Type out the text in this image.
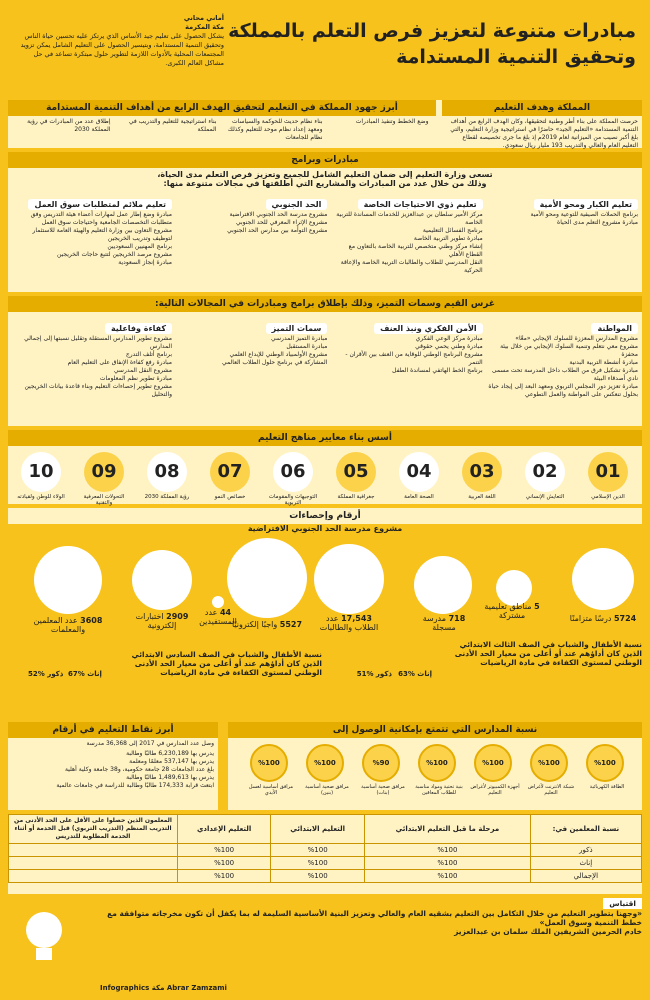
مبادرات متنوعة لتعزيز فرص التعلم بالمملكة
وتحقيق التنمية المستدامة
أماني محاني
مكة المكرمة
يشكل الحصول على تعليم جيد الأساس الذي يرتكز عليه تحسين حياة الناس وتحقيق التنمية المستدامة، وبتيسير الحصول على التعليم الشامل يمكن تزويد المجتمعات المحلية بالأدوات اللازمة لتطوير حلول مبتكرة تساعد في حل مشاكل العالم الكبرى.
المملكة وهدف التعليم
حرصت المملكة على بناء أطر وطنية لتحقيقها، وكان الهدف الرابع من أهداف التنمية المستدامة «التعليم الجيد» حاضرًا في استراتيجية وزارة التعليم، والتي بلغ أكبر نصيب من الميزانية لعام 2019م إذ بلغ ما جرى تخصيصه لقطاع التعليم العام والعالي والتدريب 193 مليار ريال سعودي.
أبرز جهود المملكة في التعليم لتحقيق الهدف الرابع من أهداف التنمية المستدامة
وضع الخطط وتنفيذ المبادرات
بناء نظام حديث للحوكمة والسياسات ومعهد إعداد نظام موحد للتعليم وكذلك نظام للجامعات
بناء استراتيجية للتعليم والتدريب في المملكة
إطلاق عدد من المبادرات في رؤية المملكة 2030
مبادرات وبرامج
تسعى وزارة التعليم إلى ضمان التعليم الشامل للجميع وتعزيز فرص التعلم مدى الحياة،
وذلك من خلال عدد من المبادرات والمشاريع التي أطلقتها في مجالات متنوعة منها:
تعليم الكبار ومحو الأمية
برنامج الحملات الصيفية للتوعية ومحو الأمية
مبادرة مشروع التعلم مدى الحياة
تعليم ذوي الاحتياجات الخاصة
مركز الأمير سلطان بن عبدالعزيز للخدمات المساندة للتربية الخاصة
برنامج الفسائل التعليمية
مبادرة تطوير التربية الخاصة
إنشاء مركز وطني متخصص للتربية الخاصة بالتعاون مع القطاع الأهلي
النقل المدرسي للطلاب والطالبات التربية الخاصة والإعاقة الحركية
الحد الجنوبي
مشروع مدرسة الحد الجنوبي الافتراضية
مشروع الإثراء المعرفي للحد الجنوبي
مشروع التوأمة بين مدارس الحد الجنوبي
تعليم ملائم لمتطلبات سوق العمل
مبادرة وضع إطار عمل لمهارات أعضاء هيئة التدريس وفق متطلبات التخصصات الجامعية واحتياجات سوق العمل
مشروع التعاون بين وزارة التعليم والهيئة العامة للاستثمار لتوظيف وتدريب الخريجين
برنامج المهنيين السعوديين
مشروع مرصد الخريجين لتتبع حاجات الخريجين
مبادرة إنجاز السعودية
غرس القيم وسمات التميز، وذلك بإطلاق برامج ومبادرات في المجالات التالية:
المواطنة
مشروع المدارس المعززة للسلوك الإيجابي «معًا»
مشروع معي نتعلم وتنمية السلوك الإيجابي من خلال بيئة محفزة
مبادرة أنشطة التربية البدنية
مبادرة تشكيل فرق من الطلاب داخل المدرسة تحت مسمى نادي أصدقاء البيئة
مبادرة تعزيز دور المجلس التربوي ومعهد البعد إلى إيجاد حياة بحلول تنعكس على المواطنة والعمل التطوعي
الأمن الفكري ونبذ العنف
مبادرة مركز الوعي الفكري
مبادرة وطني يحمي حقوقي
مشروع البرنامج الوطني للوقاية من العنف بين الأقران - التنمر
برنامج الخط الهاتفي لمساندة الطفل
سمات التميز
مبادرة التميز المدرسي
مبادرة المستقبل
مشروع الأولمبياد الوطني للإبداع العلمي
المشاركة في برنامج حلول الطلاب العالمي
كفاءة وفاعلية
مشروع تطوير المدارس المستقلة وتقليل نسبتها إلى إجمالي المدارس
برنامج أتلف التدرج
مبادرة رفع كفاءة الإنفاق على التعليم العام
مشروع النقل المدرسي
مبادرة تطوير نظم المعلومات
مشروع تطوير إحصاءات التعليم وبناء قاعدة بيانات الخريجين والتحليل
أسس بناء معايير مناهج التعليم
01
02
03
04
05
06
07
08
09
10
الدين الإسلامي
التعايش الإنساني
اللغة العربية
الصحة العامة
جغرافية المملكة
التوجيهات والمقومات التربوية
خصائص النمو
رؤية المملكة 2030
التحولات المعرفية والتقنية
الولاء للوطن ولقيادته
أرقام وإحصاءات
مشروع مدرسة الحد الجنوبي الافتراضية
5724 درسًا متزامنًا
5 مناطق تعليمية مشتركة
718 مدرسة مسجلة
17,543 عدد الطلاب والطالبات
5527 واجبًا إلكترونيًا
44 عدد المستفيدين
2909 اختبارات إلكترونية
3608 عدد المعلمين والمعلمات
نسبة الأطفال والشباب في الصف الثالث الابتدائي الذين كان أداؤهم عند أو أعلى من معيار الحد الأدنى الوطني لمستوى الكفاءة في مادة الرياضيات
إناث %63
ذكور %51
نسبة الأطفال والشباب في الصف السادس الابتدائي الذين كان أداؤهم عند أو أعلى من معيار الحد الأدنى الوطني لمستوى الكفاءة في مادة الرياضيات
إناث %67
ذكور %52
أبرز نقاط التعليم في أرقام
وصل عدد المدارس في 2017 إلى 36,368 مدرسة
يدرس بها 6,230,189 طالبًا وطالبة
يدرس بها 537,147 معلمًا ومعلمة
بلغ عدد الجامعات 28 جامعة حكومية، و38 جامعة وكلية أهلية
يدرس بها 1,489,613 طالبًا وطالبة
ابتعث قرابة 174,333 طالبًا وطالبة للدراسة في جامعات عالمية
نسبة المدارس التي تتمتع بإمكانية الوصول إلى
%100
%100
%100
%100
%90
%100
%100
الطاقة الكهربائية
شبكة الانترنت لأغراض التعليم
أجهزة الكمبيوتر لأغراض التعليم
بنية تحتية ومواد مناسبة للطلاب المعاقين
مرافق صحية أساسية (بنات)
مرافق صحية أساسية (بنين)
مرافق أساسية لغسل الأيدي
نسبة المعلمين في:	مرحلة ما قبل التعليم الابتدائي	التعليم الابتدائي	التعليم الإعدادي	المعلمون الذين حصلوا على الأقل على الحد الأدنى من التدريب المنظم (التدريب التربوي) قبل الخدمة أو أثناء الخدمة المطلوبة للتدريس
ذكور	%100	%100	%100	
إناث	%100	%100	%100	
الإجمالي	%100	%100	%100	
اقتباس
«وجهنا بتطوير التعليم من خلال التكامل بين التعليم بشقيه العام والعالي وتعزيز البنية الأساسية السليمة له بما يكفل أن تكون مخرجاته متوافقة مع خطط التنمية وسوق العمل»
خادم الحرمين الشريفين الملك سلمان بن عبدالعزيز
Infographics مكة Abrar Zamzami
